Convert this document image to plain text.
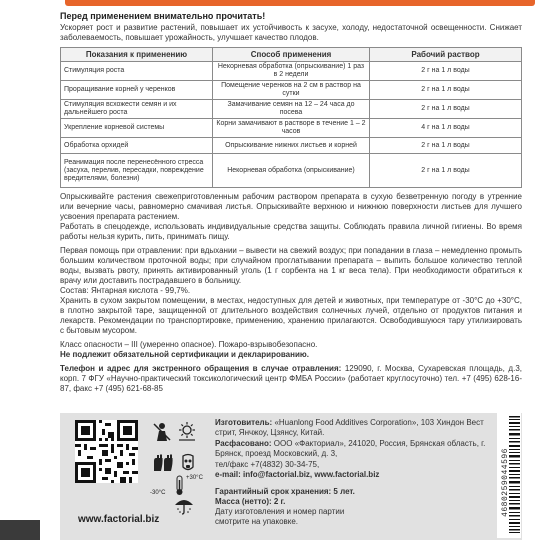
Перед применением внимательно прочитать!

Ускоряет рост и развитие растений, повышает их устойчивость к засухе, холоду, недостаточной освещенности. Снижает заболеваемость, повышает урожайность, улучшает качество плодов.

Показания к применению	Способ применения	Рабочий раствор
Стимуляция роста	Некорневая обработка (опрыскивание) 1 раз в 2 недели	2 г на 1 л воды
Проращивание корней у черенков	Помещение черенков на 2 см в раствор на сутки	2 г на 1 л воды
Стимуляция всхожести семян и их дальнейшего роста	Замачивание семян на 12 – 24 часа до посева	2 г на 1 л воды
Укрепление корневой системы	Корни замачивают в растворе в течение 1 – 2 часов	4 г на 1 л воды
Обработка орхидей	Опрыскивание нижних листьев и корней	2 г на 1 л воды
Реанимация после перенесённого стресса (засуха, перелив, пересадки, повреждение вредителями, болезни)	Некорневая обработка (опрыскивание)	2 г на 1 л воды

Опрыскивайте растения свежеприготовленным рабочим раствором препарата в сухую безветренную погоду в утренние или вечерние часы, равномерно смачивая листья. Опрыскивайте верхнюю и нижнюю поверхности листьев для лучшего усвоения препарата растением.

Работать в спецодежде, использовать индивидуальные средства защиты. Соблюдать правила личной гигиены. Во время работы нельзя курить, пить, принимать пищу.

Первая помощь при отравлении: при вдыхании – вывести на свежий воздух; при попадании в глаза – немедленно промыть большим количеством проточной воды; при случайном проглатывании препарата – выпить большое количество теплой воды, вызвать рвоту, принять активированный уголь (1 г сорбента на 1 кг веса тела). При необходимости обратиться к врачу или доставить пострадавшего в больницу.

Состав: Янтарная кислота - 99,7%.

Хранить в сухом закрытом помещении, в местах, недоступных для детей и животных, при температуре от -30°С до +30°С, в плотно закрытой таре, защищенной от длительного воздействия солнечных лучей, отдельно от продуктов питания и лекарств. Рекомендации по транспортировке, применению, хранению прилагаются. Освободившуюся тару утилизировать с бытовым мусором.

Класс опасности – III (умеренно опасное). Пожаро-взрывобезопасно.

Не подлежит обязательной сертификации и декларированию.

Телефон и адрес для экстренного обращения в случае отравления: 129090, г. Москва, Сухаревская площадь, д.3, корп. 7 ФГУ «Научно-практический токсикологический центр ФМБА России» (работает круглосуточно) тел. +7 (495) 628-16-87, факс +7 (495) 621-68-85

www.factorial.biz
+30°C
-30°C
Изготовитель: «Huanlong Food Additives Corporation», 103 Хиндон Вест стрит, Янчжоу, Цзянсу, Китай.
Расфасовано: ООО «Факториал», 241020, Россия, Брянская область, г. Брянск, проезд Московский, д. 3,
тел/факс +7(4832) 30-34-75,
e-mail: info@factorial.biz, www.factorial.biz
Гарантийный срок хранения: 5 лет.
Масса (нетто): 2 г.
Дату изготовления и номер партии смотрите на упаковке.
4680259044596
